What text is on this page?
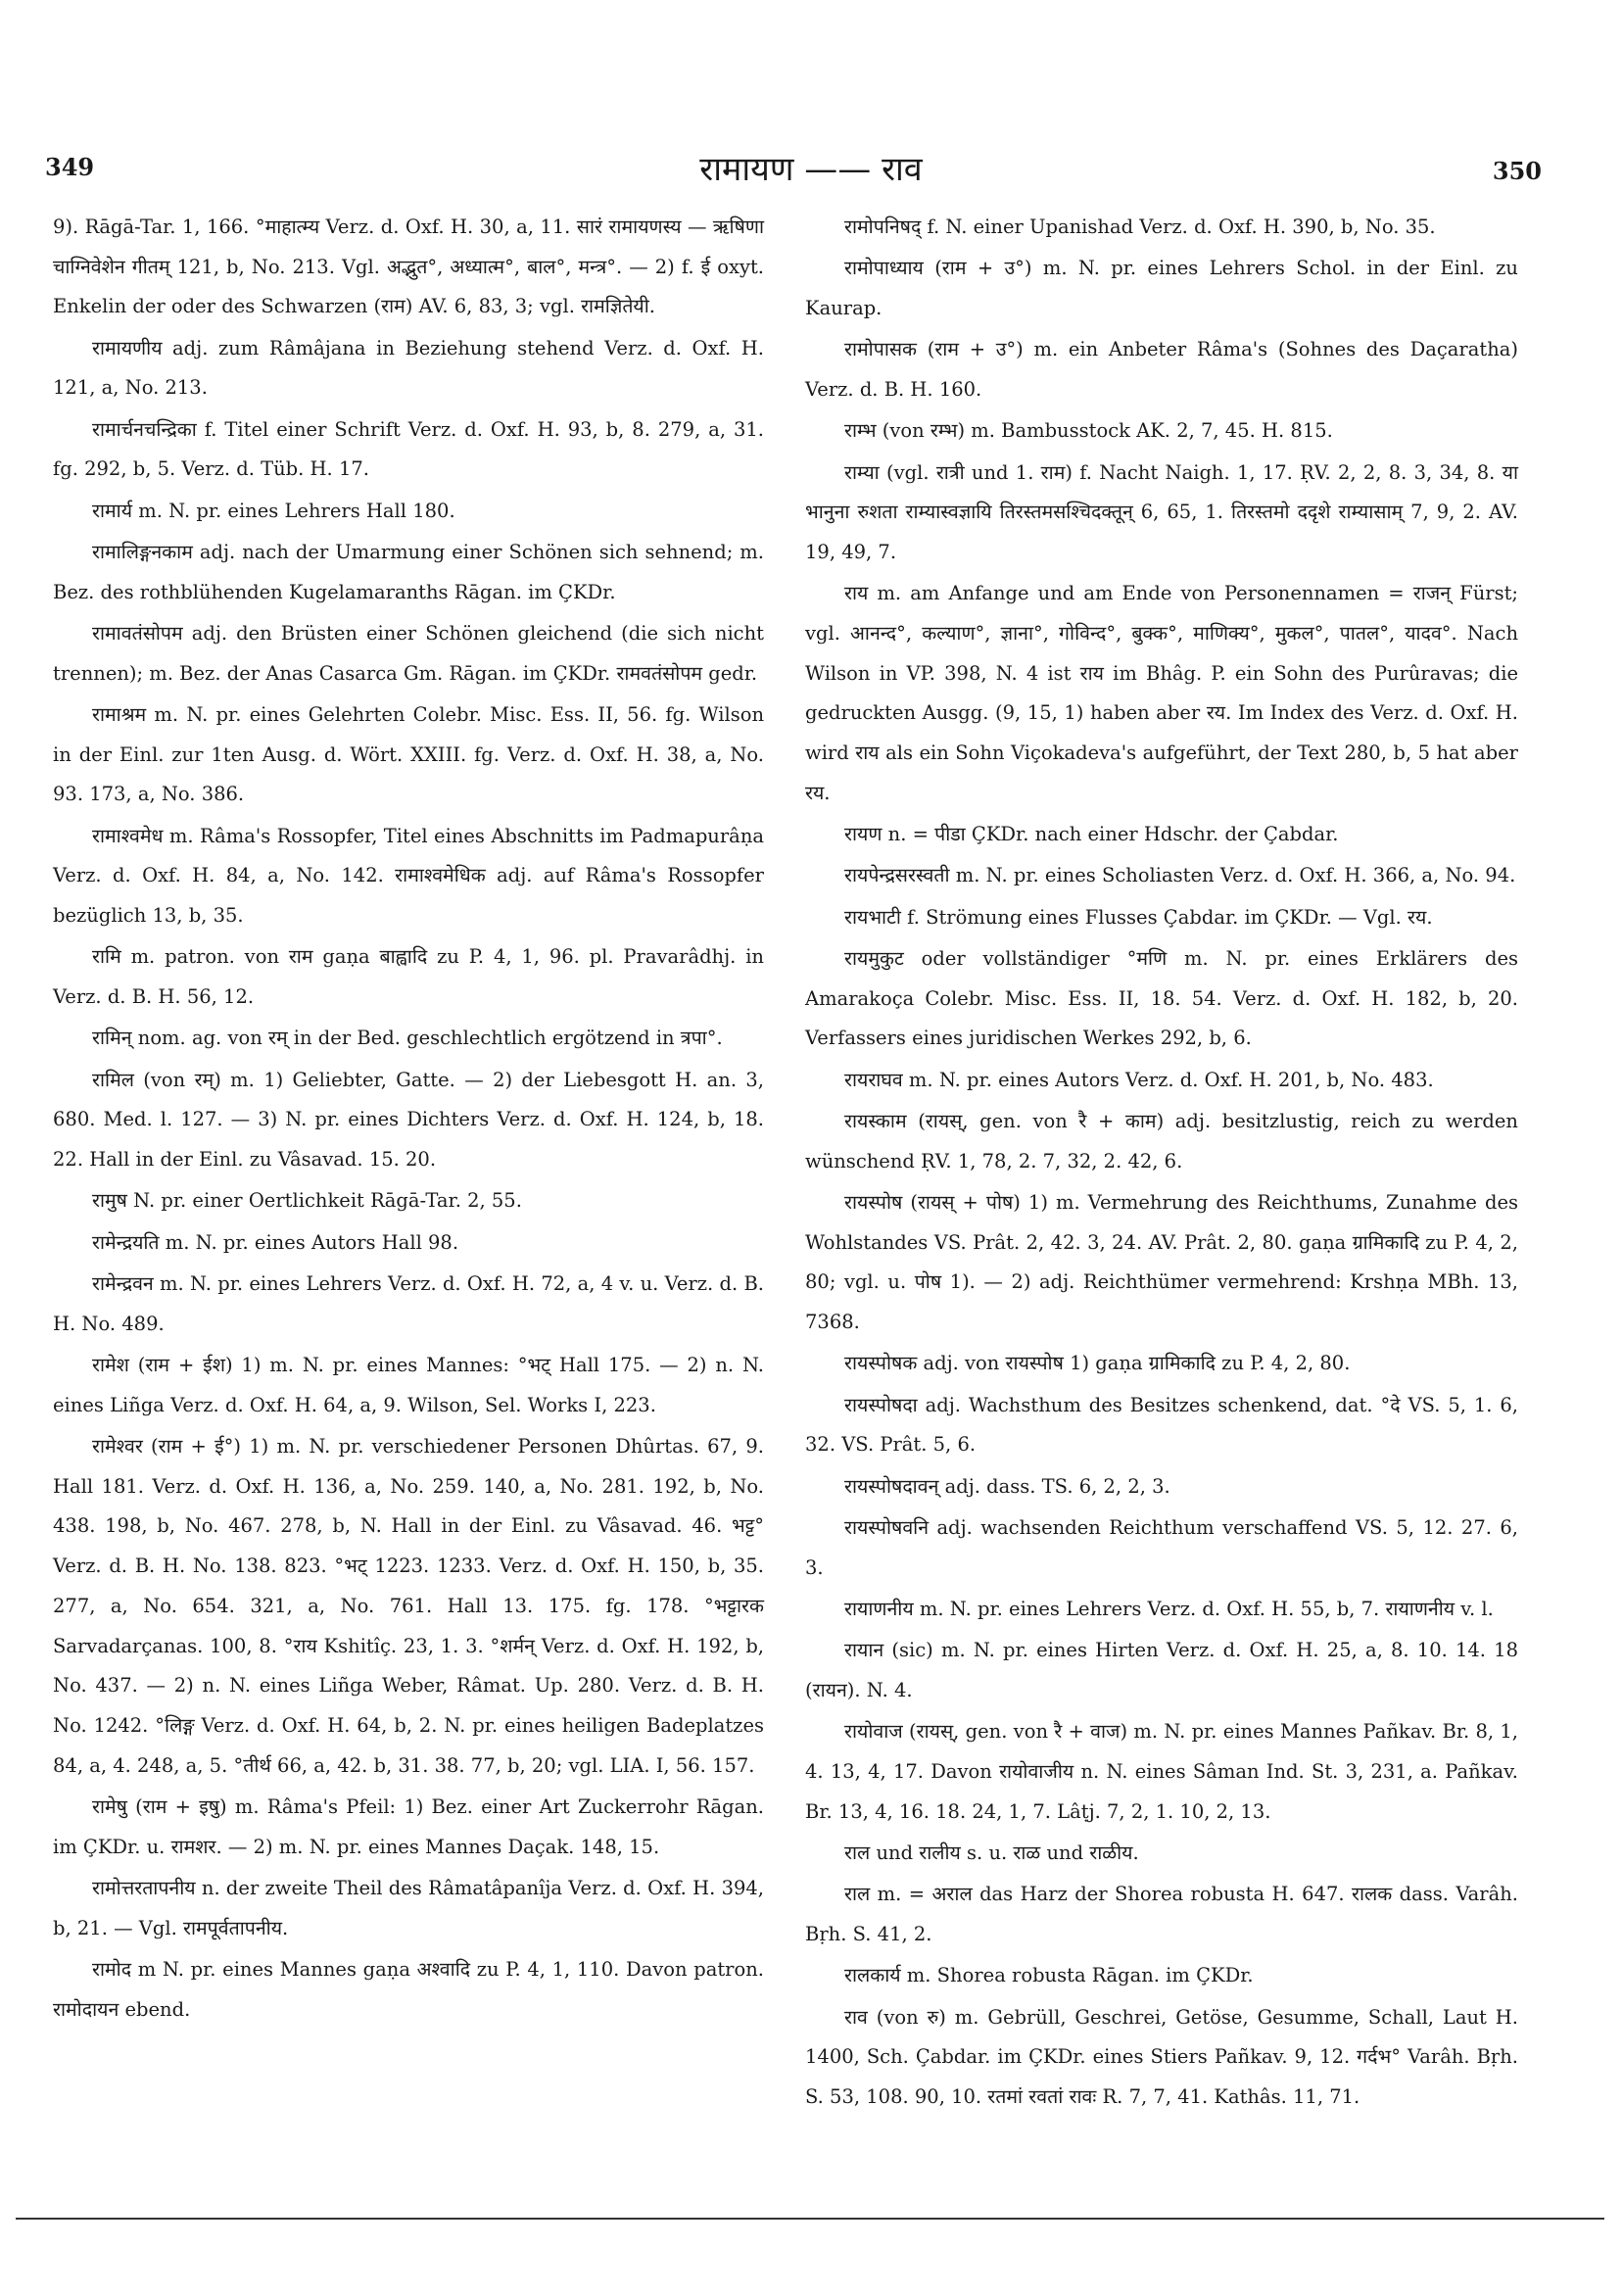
349	रामायण —— राव	350

9). Rāgā-Tar. 1, 166. °माहात्म्य Verz. d. Oxf. H. 30, a, 11. सारं रामायणस्य — ऋषिणा चाग्निवेशेन गीतम् 121, b, No. 213. Vgl. अद्भुत°, अध्यात्म°, बाल°, मन्त्र°. — 2) f. ई oxyt. Enkelin der oder des Schwarzen (राम) AV. 6, 83, 3; vgl. रामज्ञितेयी.

रामायणीय adj. zum Râmâjana in Beziehung stehend Verz. d. Oxf. H. 121, a, No. 213.

रामार्चनचन्द्रिका f. Titel einer Schrift Verz. d. Oxf. H. 93, b, 8. 279, a, 31. fg. 292, b, 5. Verz. d. Tüb. H. 17.

रामार्य m. N. pr. eines Lehrers Hall 180.

रामालिङ्गनकाम adj. nach der Umarmung einer Schönen sich sehnend; m. Bez. des rothblühenden Kugelamaranths Rāgan. im ÇKDr.

रामावतंसोपम adj. den Brüsten einer Schönen gleichend (die sich nicht trennen); m. Bez. der Anas Casarca Gm. Rāgan. im ÇKDr. रामवतंसोपम gedr.

रामाश्रम m. N. pr. eines Gelehrten Colebr. Misc. Ess. II, 56. fg. Wilson in der Einl. zur 1ten Ausg. d. Wört. XXIII. fg. Verz. d. Oxf. H. 38, a, No. 93. 173, a, No. 386.

रामाश्वमेध m. Râma's Rossopfer, Titel eines Abschnitts im Padmapurâṇa Verz. d. Oxf. H. 84, a, No. 142. रामाश्वमेधिक adj. auf Râma's Rossopfer bezüglich 13, b, 35.

रामि m. patron. von राम gaṇa बाह्वादि zu P. 4, 1, 96. pl. Pravarâdhj. in Verz. d. B. H. 56, 12.

रामिन् nom. ag. von रम् in der Bed. geschlechtlich ergötzend in त्रपा°.

रामिल (von रम्) m. 1) Geliebter, Gatte. — 2) der Liebesgott H. an. 3, 680. Med. l. 127. — 3) N. pr. eines Dichters Verz. d. Oxf. H. 124, b, 18. 22. Hall in der Einl. zu Vâsavad. 15. 20.

रामुष N. pr. einer Oertlichkeit Rāgā-Tar. 2, 55.

रामेन्द्रयति m. N. pr. eines Autors Hall 98.

रामेन्द्रवन m. N. pr. eines Lehrers Verz. d. Oxf. H. 72, a, 4 v. u. Verz. d. B. H. No. 489.

रामेश (राम + ईश) 1) m. N. pr. eines Mannes: °भट् Hall 175. — 2) n. N. eines Liñga Verz. d. Oxf. H. 64, a, 9. Wilson, Sel. Works I, 223.

रामेश्वर (राम + ई°) 1) m. N. pr. verschiedener Personen Dhûrtas. 67, 9. Hall 181. Verz. d. Oxf. H. 136, a, No. 259. 140, a, No. 281. 192, b, No. 438. 198, b, No. 467. 278, b, N. Hall in der Einl. zu Vâsavad. 46. भट्ट° Verz. d. B. H. No. 138. 823. °भट् 1223. 1233. Verz. d. Oxf. H. 150, b, 35. 277, a, No. 654. 321, a, No. 761. Hall 13. 175. fg. 178. °भट्टारक Sarvadarçanas. 100, 8. °राय Kshitîç. 23, 1. 3. °शर्मन् Verz. d. Oxf. H. 192, b, No. 437. — 2) n. N. eines Liñga Weber, Râmat. Up. 280. Verz. d. B. H. No. 1242. °लिङ्ग Verz. d. Oxf. H. 64, b, 2. N. pr. eines heiligen Badeplatzes 84, a, 4. 248, a, 5. °तीर्थ 66, a, 42. b, 31. 38. 77, b, 20; vgl. LIA. I, 56. 157.

रामेषु (राम + इषु) m. Râma's Pfeil: 1) Bez. einer Art Zuckerrohr Rāgan. im ÇKDr. u. रामशर. — 2) m. N. pr. eines Mannes Daçak. 148, 15.

रामोत्तरतापनीय n. der zweite Theil des Râmatâpanîja Verz. d. Oxf. H. 394, b, 21. — Vgl. रामपूर्वतापनीय.

रामोद m N. pr. eines Mannes gaṇa अश्वादि zu P. 4, 1, 110. Davon patron. रामोदायन ebend.

रामोपनिषद् f. N. einer Upanishad Verz. d. Oxf. H. 390, b, No. 35.

रामोपाध्याय (राम + उ°) m. N. pr. eines Lehrers Schol. in der Einl. zu Kaurap.

रामोपासक (राम + उ°) m. ein Anbeter Râma's (Sohnes des Daçaratha) Verz. d. B. H. 160.

राम्भ (von रम्भ) m. Bambusstock AK. 2, 7, 45. H. 815.

राम्या (vgl. रात्री und 1. राम) f. Nacht Naigh. 1, 17. ṚV. 2, 2, 8. 3, 34, 8. या भानुना रुशता राम्यास्वज्ञायि तिरस्तमसश्चिदक्तून् 6, 65, 1. तिरस्तमो ददृशे राम्यासाम् 7, 9, 2. AV. 19, 49, 7.

राय m. am Anfange und am Ende von Personennamen = राजन् Fürst; vgl. आनन्द°, कल्याण°, ज्ञाना°, गोविन्द°, बुक्क°, माणिक्य°, मुकल°, पातल°, यादव°. Nach Wilson in VP. 398, N. 4 ist राय im Bhâg. P. ein Sohn des Purûravas; die gedruckten Ausgg. (9, 15, 1) haben aber रय. Im Index des Verz. d. Oxf. H. wird राय als ein Sohn Viçokadeva's aufgeführt, der Text 280, b, 5 hat aber रय.

रायण n. = पीडा ÇKDr. nach einer Hdschr. der Çabdar.

रायपेन्द्रसरस्वती m. N. pr. eines Scholiasten Verz. d. Oxf. H. 366, a, No. 94.

रायभाटी f. Strömung eines Flusses Çabdar. im ÇKDr. — Vgl. रय.

रायमुकुट oder vollständiger °मणि m. N. pr. eines Erklärers des Amarakoça Colebr. Misc. Ess. II, 18. 54. Verz. d. Oxf. H. 182, b, 20. Verfassers eines juridischen Werkes 292, b, 6.

रायराघव m. N. pr. eines Autors Verz. d. Oxf. H. 201, b, No. 483.

रायस्काम (रायस्, gen. von रै + काम) adj. besitzlustig, reich zu werden wünschend ṚV. 1, 78, 2. 7, 32, 2. 42, 6.

रायस्पोष (रायस् + पोष) 1) m. Vermehrung des Reichthums, Zunahme des Wohlstandes VS. Prât. 2, 42. 3, 24. AV. Prât. 2, 80. gaṇa ग्रामिकादि zu P. 4, 2, 80; vgl. u. पोष 1). — 2) adj. Reichthümer vermehrend: Krshṇa MBh. 13, 7368.

रायस्पोषक adj. von रायस्पोष 1) gaṇa ग्रामिकादि zu P. 4, 2, 80.

रायस्पोषदा adj. Wachsthum des Besitzes schenkend, dat. °दे VS. 5, 1. 6, 32. VS. Prât. 5, 6.

रायस्पोषदावन् adj. dass. TS. 6, 2, 2, 3.

रायस्पोषवनि adj. wachsenden Reichthum verschaffend VS. 5, 12. 27. 6, 3.

रायाणनीय m. N. pr. eines Lehrers Verz. d. Oxf. H. 55, b, 7. रायाणनीय v. l.

रायान (sic) m. N. pr. eines Hirten Verz. d. Oxf. H. 25, a, 8. 10. 14. 18 (रायन). N. 4.

रायोवाज (रायस्, gen. von रै + वाज) m. N. pr. eines Mannes Pañkav. Br. 8, 1, 4. 13, 4, 17. Davon रायोवाजीय n. N. eines Sâman Ind. St. 3, 231, a. Pañkav. Br. 13, 4, 16. 18. 24, 1, 7. Lâṭj. 7, 2, 1. 10, 2, 13.

राल und रालीय s. u. राळ und राळीय.

राल m. = अराल das Harz der Shorea robusta H. 647. रालक dass. Varâh. Bṛh. S. 41, 2.

रालकार्य m. Shorea robusta Rāgan. im ÇKDr.

राव (von रु) m. Gebrüll, Geschrei, Getöse, Gesumme, Schall, Laut H. 1400, Sch. Çabdar. im ÇKDr. eines Stiers Pañkav. 9, 12. गर्दभ° Varâh. Bṛh. S. 53, 108. 90, 10. रतमां रवतां रावः R. 7, 7, 41. Kathâs. 11, 71.
